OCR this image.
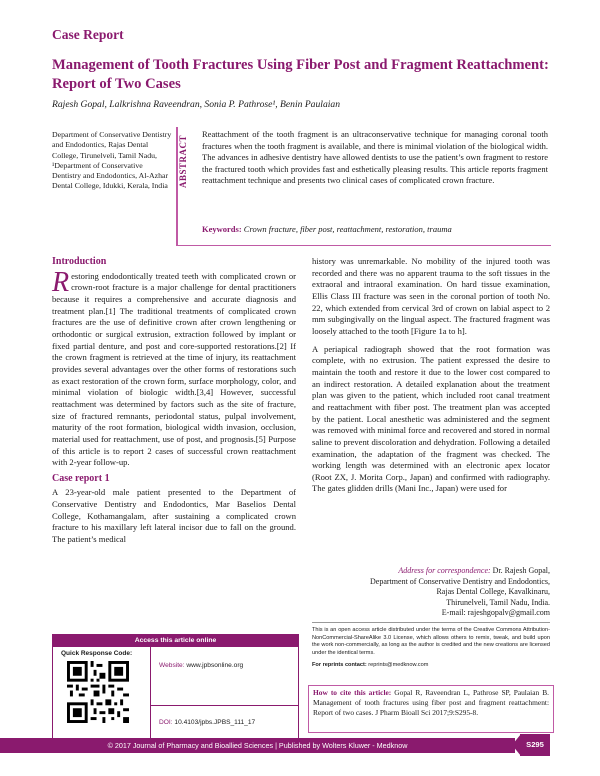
Case Report
Management of Tooth Fractures Using Fiber Post and Fragment Reattachment: Report of Two Cases
Rajesh Gopal, Lalkrishna Raveendran, Sonia P. Pathrose¹, Benin Paulaian
Department of Conservative Dentistry and Endodontics, Rajas Dental College, Tirunelveli, Tamil Nadu,
¹Department of Conservative Dentistry and Endodontics, Al-Azhar Dental College, Idukki, Kerala, India	ABSTRACT
Reattachment of the tooth fragment is an ultraconservative technique for managing coronal tooth fractures when the tooth fragment is available, and there is minimal violation of the biological width. The advances in adhesive dentistry have allowed dentists to use the patient’s own fragment to restore the fractured tooth which provides fast and esthetically pleasing results. This article reports fragment reattachment technique and presents two clinical cases of complicated crown fracture.
Keywords: Crown fracture, fiber post, reattachment, restoration, trauma
Introduction

Restoring endodontically treated teeth with complicated crown or crown-root fracture is a major challenge for dental practitioners because it requires a comprehensive and accurate diagnosis and treatment plan.[1] The traditional treatments of complicated crown fractures are the use of definitive crown after crown lengthening or orthodontic or surgical extrusion, extraction followed by implant or fixed partial denture, and post and core-supported restorations.[2] If the crown fragment is retrieved at the time of injury, its reattachment provides several advantages over the other forms of restorations such as exact restoration of the crown form, surface morphology, color, and minimal violation of biologic width.[3,4] However, successful reattachment was determined by factors such as the site of fracture, size of fractured remnants, periodontal status, pulpal involvement, maturity of the root formation, biological width invasion, occlusion, material used for reattachment, use of post, and prognosis.[5] Purpose of this article is to report 2 cases of successful crown reattachment with 2-year follow-up.

Case report 1

A 23-year-old male patient presented to the Department of Conservative Dentistry and Endodontics, Mar Baselios Dental College, Kothamangalam, after sustaining a complicated crown fracture to his maxillary left lateral incisor due to fall on the ground. The patient’s medical

history was unremarkable. No mobility of the injured tooth was recorded and there was no apparent trauma to the soft tissues in the extraoral and intraoral examination. On hard tissue examination, Ellis Class III fracture was seen in the coronal portion of tooth No. 22, which extended from cervical 3rd of crown on labial aspect to 2 mm subgingivally on the lingual aspect. The fractured fragment was loosely attached to the tooth [Figure 1a to h].

A periapical radiograph showed that the root formation was complete, with no extrusion. The patient expressed the desire to maintain the tooth and restore it due to the lower cost compared to an indirect restoration. A detailed explanation about the treatment plan was given to the patient, which included root canal treatment and reattachment with fiber post. The treatment plan was accepted by the patient. Local anesthetic was administered and the segment was removed with minimal force and recovered and stored in normal saline to prevent discoloration and dehydration. Following a detailed examination, the adaptation of the fragment was checked. The working length was determined with an electronic apex locator (Root ZX, J. Morita Corp., Japan) and confirmed with radiography. The gates glidden drills (Mani Inc., Japan) were used for

Access this article online
Quick Response Code:
Website: www.jpbsonline.org
DOI: 10.4103/jpbs.JPBS_111_17
Address for correspondence: Dr. Rajesh Gopal,
Department of Conservative Dentistry and Endodontics,
Rajas Dental College, Kavalkinaru,
Thirunelveli, Tamil Nadu, India.
E-mail: rajeshgopalv@gmail.com
This is an open access article distributed under the terms of the Creative Commons Attribution-NonCommercial-ShareAlike 3.0 License, which allows others to remix, tweak, and build upon the work non-commercially, as long as the author is credited and the new creations are licensed under the identical terms.
For reprints contact: reprints@medknow.com
How to cite this article: Gopal R, Raveendran L, Pathrose SP, Paulaian B. Management of tooth fractures using fiber post and fragment reattachment: Report of two cases. J Pharm Bioall Sci 2017;9:S295-8.
© 2017 Journal of Pharmacy and Bioallied Sciences | Published by Wolters Kluwer - Medknow	S295
